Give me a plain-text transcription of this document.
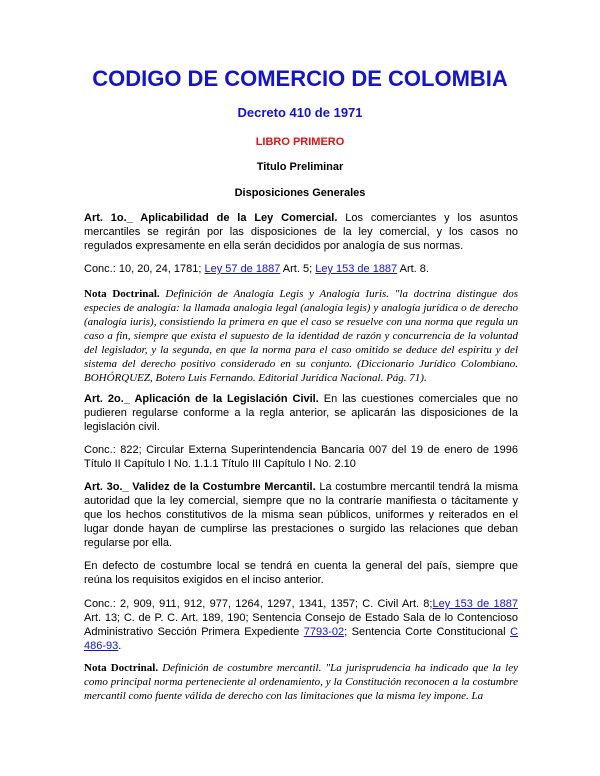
CODIGO DE COMERCIO DE COLOMBIA

Decreto 410 de 1971

LIBRO PRIMERO

Titulo Preliminar

Disposiciones Generales

Art. 1o._ Aplicabilidad de la Ley Comercial. Los comerciantes y los asuntos mercantiles se regirán por las disposiciones de la ley comercial, y los casos no regulados expresamente en ella serán decididos por analogía de sus normas.

Conc.: 10, 20, 24, 1781; Ley 57 de 1887 Art. 5; Ley 153 de 1887 Art. 8.

Nota Doctrinal. Definición de Analogía Legis y Analogía Iuris. "la doctrina distingue dos especies de analogía: la llamada analogia legal (analogía legis) y analogía jurídica o de derecho (analogía iuris), consistiendo la primera en que el caso se resuelve con una norma que regula un caso a fin, siempre que exista el supuesto de la identidad de razón y concurrencia de la voluntad del legislador, y la segunda, en que la norma para el caso omitido se deduce del espíritu y del sistema del derecho positivo considerado en su conjunto. (Diccionario Jurídico Colombiano. BOHÓRQUEZ, Botero Luis Fernando. Editorial Jurídica Nacional. Pág. 71).

Art. 2o._ Aplicación de la Legislación Civil. En las cuestiones comerciales que no pudieren regularse conforme a la regla anterior, se aplicarán las disposiciones de la legislación civil.

Conc.: 822; Circular Externa Superintendencia Bancaria 007 del 19 de enero de 1996 Título II Capítulo I No. 1.1.1 Título III Capítulo I No. 2.10

Art. 3o._ Validez de la Costumbre Mercantil. La costumbre mercantil tendrá la misma autoridad que la ley comercial, siempre que no la contraríe manifiesta o tácitamente y que los hechos constitutivos de la misma sean públicos, uniformes y reiterados en el lugar donde hayan de cumplirse las prestaciones o surgido las relaciones que deban regularse por ella.

En defecto de costumbre local se tendrá en cuenta la general del país, siempre que reúna los requisitos exigidos en el inciso anterior.

Conc.: 2, 909, 911, 912, 977, 1264, 1297, 1341, 1357; C. Civil Art. 8;Ley 153 de 1887 Art. 13; C. de P. C. Art. 189, 190; Sentencia Consejo de Estado Sala de lo Contencioso Administrativo Sección Primera Expediente 7793-02; Sentencia Corte Constitucional C 486-93.

Nota Doctrinal. Definición de costumbre mercantil. "La jurisprudencia ha indicado que la ley como principal norma perteneciente al ordenamiento, y la Constitución reconocen a la costumbre mercantil como fuente válida de derecho con las limitaciones que la misma ley impone. La
